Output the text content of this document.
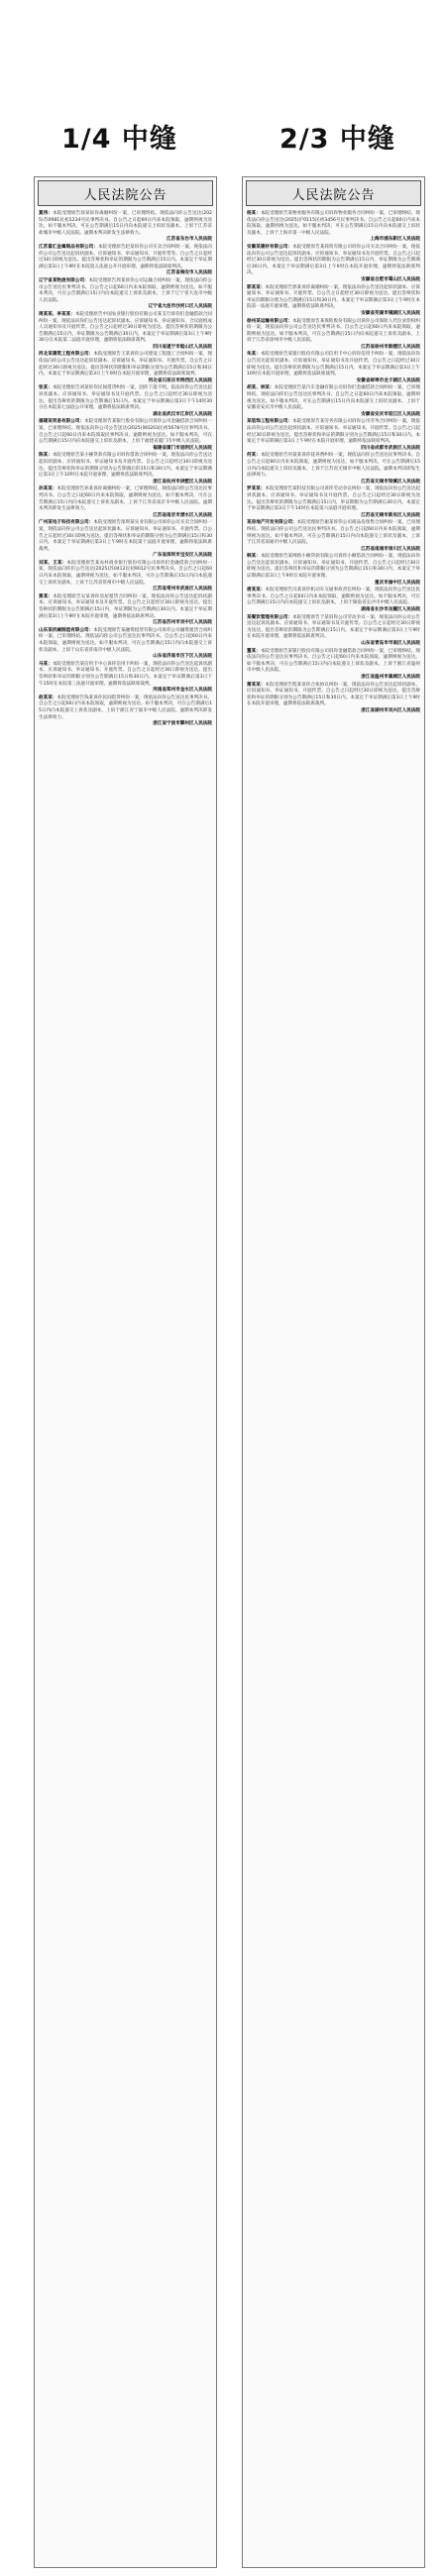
1/4 中缝	2/3 中缝
人民法院公告

夏伟：本院受理原告徐某诉你离婚纠纷一案，已审理终结。现依法向你公告送达(2025)苏0981民初1234号民事判决书。自公告之日起60日内来本院领取，逾期则视为送达。如不服本判决，可在公告期满后15日内向本院递交上诉状及副本，上诉于江苏省盐城市中级人民法院。逾期本判决即发生法律效力。
江苏省东台市人民法院

江苏富汇金属制品有限公司：本院受理原告赵某诉你公司买卖合同纠纷一案，现依法向你公司公告送达起诉状副本、应诉通知书、举证通知书、开庭传票等。自公告之日起经过30日即视为送达。提出答辩状和举证的期限为公告期满后15日内。本案定于举证期满后第3日上午9时在本院第五法庭公开开庭审理，逾期将依法缺席判决。
江苏省海安市人民法院

辽宁省某物流有限公司：本院受理原告周某诉你公司运输合同纠纷一案，现依法向你公司公告送达民事判决书。自公告之日起60日内来本院领取，逾期则视为送达。如不服本判决，可在公告期满后15日内向本院递交上诉状及副本，上诉于辽宁省大连市中级人民法院。
辽宁省大连市沙河口区人民法院

周某某、李某某：本院受理原告中国农业银行股份有限公司某支行诉你们金融借款合同纠纷一案，现依法向你们公告送达起诉状副本、应诉通知书、举证通知书、合议庭组成人员通知书及开庭传票。自公告之日起经过30日即视为送达。提出答辩状的期限为公告期满后15日内，举证期限为公告期满后30日内。本案定于举证期满后第3日上午9时30分在本院第二法庭开庭审理，逾期将依法缺席裁判。
四川省遂宁市船山区人民法院

河北某建筑工程有限公司：本院受理原告王某诉你公司建设工程施工合同纠纷一案，现依法向你公司公告送达起诉状副本、应诉通知书、举证通知书、开庭传票。自公告之日起经过30日即视为送达。提出答辩状的期限和举证期限分别为公告期满后15日和30日内。本案定于举证期满后第3日上午9时在本院开庭审理，逾期将依法缺席裁判。
河北省石家庄市桥西区人民法院

张某：本院受理原告刘某诉你民间借贷纠纷一案，因你下落不明，依法向你公告送达起诉状副本、应诉通知书、举证通知书及开庭传票。自公告之日起经过30日即视为送达。提出答辩状的期限为公告期满后15日内。本案定于举证期满后第3日下午14时30分在本院第七法庭公开审理，逾期将依法缺席判决。
湖北省武汉市江岸区人民法院

福建某贸易有限公司：本院受理原告某银行股份有限公司诉你公司金融借款合同纠纷一案，已审理终结。现依法向你公司公告送达(2025)闽0203民初5678号民事判决书。自公告之日起60日内来本院领取民事判决书，逾期则视为送达。如不服本判决，可在公告期满后15日内向本院递交上诉状及副本，上诉于福建省厦门市中级人民法院。
福建省厦门市思明区人民法院

陈某：本院受理原告某小额贷款有限公司诉你借款合同纠纷一案，现依法向你公告送达起诉状副本、应诉通知书、举证通知书及开庭传票。自公告之日起经过30日即视为送达。提出答辩状和举证的期限分别为公告期满后的15日和30日内。本案定于举证期满后第3日上午10时在本院开庭审理，逾期将依法缺席判决。
浙江省杭州市拱墅区人民法院

孙某某：本院受理原告孙某诉你离婚纠纷一案，已审理终结，现依法向你公告送达民事判决书。自公告之日起60日内来本院领取，逾期则视为送达。如不服本判决，可在公告期满后15日内向本院递交上诉状及副本，上诉于江苏省南京市中级人民法院。逾期本判决即发生法律效力。
江苏省南京市溧水区人民法院

广州某电子科技有限公司：本院受理原告深圳某实业有限公司诉你公司买卖合同纠纷一案，现依法向你公司公告送达起诉状副本、应诉通知书、举证通知书、开庭传票。自公告之日起经过30日即视为送达。提出答辩状和举证的期限分别为公告期满后15日和30日内。本案定于举证期满后第3日上午9时在本院第十法庭开庭审理，逾期将依法缺席裁判。
广东省深圳市宝安区人民法院

刘某、王某：本院受理原告某农村商业银行股份有限公司诉你们金融借款合同纠纷一案，现依法向你们公告送达(2025)苏0412民初9012号民事判决书。自公告之日起60日内来本院领取，逾期则视为送达。如不服本判决，可在公告期满后15日内向本院递交上诉状及副本，上诉于江苏省常州市中级人民法院。
江苏省常州市武进区人民法院

黄某：本院受理原告吴某诉你房屋租赁合同纠纷一案，现依法向你公告送达起诉状副本、应诉通知书、举证通知书及开庭传票。自公告之日起经过30日即视为送达。提出答辩状的期限为公告期满后15日内，举证期限为公告期满后30日内。本案定于举证期满后第3日上午9时在本院开庭审理，逾期将依法缺席判决。
江苏省苏州市吴中区人民法院

山东某机械制造有限公司：本院受理原告某融资租赁有限公司诉你公司融资租赁合同纠纷一案，已审理终结。现依法向你公司公告送达民事判决书。自公告之日起60日内来本院领取，逾期则视为送达。如不服本判决，可在公告期满后15日内向本院递交上诉状及副本，上诉于山东省济南市中级人民法院。
山东省济南市历下区人民法院

马某：本院受理原告某信用卡中心诉你信用卡纠纷一案，现依法向你公告送达起诉状副本、应诉通知书、举证通知书、开庭传票。自公告之日起经过30日即视为送达。提出答辩状和举证的期限分别为公告期满后15日和30日内。本案定于举证期满后第3日下午15时在本院第三法庭开庭审理，逾期将依法缺席裁判。
河南省郑州市金水区人民法院

赵某某：本院受理原告钱某诉你民间借贷纠纷一案，现依法向你公告送达民事判决书。自公告之日起60日内来本院领取，逾期则视为送达。如不服本判决，可在公告期满后15日内向本院递交上诉状及副本，上诉于浙江省宁波市中级人民法院。逾期本判决即发生法律效力。
浙江省宁波市鄞州区人民法院

人民法院公告

杨某：本院受理原告某物业服务有限公司诉你物业服务合同纠纷一案，已审理终结。现依法向你公告送达(2025)沪0115民初3456号民事判决书。自公告之日起60日内来本院领取，逾期则视为送达。如不服本判决，可在公告期满后15日内向本院递交上诉状及副本，上诉于上海市第一中级人民法院。
上海市浦东新区人民法院

安徽某建材有限公司：本院受理原告某商贸有限公司诉你公司买卖合同纠纷一案，现依法向你公司公告送达起诉状副本、应诉通知书、举证通知书及开庭传票。自公告之日起经过30日即视为送达。提出答辩状的期限为公告期满后15日内，举证期限为公告期满后30日内。本案定于举证期满后第3日上午9时在本院开庭审理，逾期将依法缺席判决。
安徽省合肥市蜀山区人民法院

郭某某：本院受理原告郭某诉你离婚纠纷一案，现依法向你公告送达起诉状副本、应诉通知书、举证通知书、开庭传票。自公告之日起经过30日即视为送达。提出答辩状和举证的期限分别为公告期满后15日和30日内。本案定于举证期满后第3日上午9时在本院第一法庭开庭审理，逾期将依法缺席判决。
安徽省芜湖市镜湖区人民法院

徐州某运输有限公司：本院受理原告某保险股份有限公司诉你公司保险人代位求偿权纠纷一案，现依法向你公司公告送达民事判决书。自公告之日起60日内来本院领取，逾期则视为送达。如不服本判决，可在公告期满后15日内向本院递交上诉状及副本，上诉于江苏省徐州市中级人民法院。
江苏省徐州市鼓楼区人民法院

朱某：本院受理原告某银行股份有限公司信用卡中心诉你信用卡纠纷一案，现依法向你公告送达起诉状副本、应诉通知书、举证通知书及开庭传票。自公告之日起经过30日即视为送达。提出答辩状的期限为公告期满后15日内。本案定于举证期满后第3日上午10时在本院开庭审理，逾期将依法缺席裁判。
安徽省蚌埠市龙子湖区人民法院

胡某、林某：本院受理原告某汽车金融有限公司诉你们金融借款合同纠纷一案，已审理终结。现依法向你们公告送达民事判决书。自公告之日起60日内来本院领取，逾期则视为送达。如不服本判决，可在公告期满后15日内向本院递交上诉状及副本，上诉于安徽省安庆市中级人民法院。
安徽省安庆市迎江区人民法院

某装饰工程有限公司：本院受理原告某劳务有限公司诉你公司劳务合同纠纷一案，现依法向你公司公告送达起诉状副本、应诉通知书、举证通知书、开庭传票。自公告之日起经过30日即视为送达。提出答辩状和举证的期限分别为公告期满后15日和30日内。本案定于举证期满后第3日上午9时在本院开庭审理，逾期将依法缺席判决。
四川省成都市武侯区人民法院

何某：本院受理原告何某某诉你抚养费纠纷一案，现依法向你公告送达民事判决书。自公告之日起60日内来本院领取，逾期则视为送达。如不服本判决，可在公告期满后15日内向本院递交上诉状及副本，上诉于江苏省无锡市中级人民法院。逾期本判决即发生法律效力。
江苏省无锡市梁溪区人民法院

罗某某：本院受理原告某科技有限公司诉你劳动争议纠纷一案，现依法向你公告送达起诉状副本、应诉通知书、举证通知书及开庭传票。自公告之日起经过30日即视为送达。提出答辩状的期限为公告期满后15日内，举证期限为公告期满后30日内。本案定于举证期满后第3日下午14时在本院第六法庭开庭审理。
江苏省无锡市新吴区人民法院

某房地产开发有限公司：本院受理原告谢某诉你公司商品房预售合同纠纷一案，已审理终结。现依法向你公司公告送达民事判决书。自公告之日起60日内来本院领取，逾期则视为送达。如不服本判决，可在公告期满后15日内向本院递交上诉状及副本，上诉于江苏省南通市中级人民法院。
江苏省南通市崇川区人民法院

韩某：本院受理原告某网络小额贷款有限公司诉你小额借款合同纠纷一案，现依法向你公告送达起诉状副本、应诉通知书、举证通知书、开庭传票。自公告之日起经过30日即视为送达。提出答辩状和举证的期限分别为公告期满后15日和30日内。本案定于举证期满后第3日上午9时在本院开庭审理。
重庆市渝中区人民法院

唐某某：本院受理原告冯某诉你机动车交通事故责任纠纷一案，现依法向你公告送达民事判决书。自公告之日起60日内来本院领取，逾期则视为送达。如不服本判决，可在公告期满后15日内向本院递交上诉状及副本，上诉于湖南省长沙市中级人民法院。
湖南省长沙市岳麓区人民法院

某餐饮管理有限公司：本院受理原告于某诉你公司劳动争议一案，现依法向你公司公告送达起诉状副本、应诉通知书、举证通知书及开庭传票。自公告之日起经过30日即视为送达。提出答辩状的期限为公告期满后15日内。本案定于举证期满后第3日上午9时在本院开庭审理，逾期将依法缺席判决。
山东省青岛市市南区人民法院

董某：本院受理原告某银行股份有限公司诉你金融借款合同纠纷一案，已审理终结。现依法向你公告送达民事判决书。自公告之日起60日内来本院领取，逾期则视为送达。如不服本判决，可在公告期满后15日内向本院递交上诉状及副本，上诉于浙江省温州市中级人民法院。
浙江省温州市鹿城区人民法院

萧某某：本院受理原告程某诉你合伙协议纠纷一案，现依法向你公告送达起诉状副本、应诉通知书、举证通知书、开庭传票。自公告之日起经过30日即视为送达。提出答辩状和举证的期限分别为公告期满后15日和30日内。本案定于举证期满后第3日上午9时在本院开庭审理，逾期将依法缺席裁判。
浙江省湖州市吴兴区人民法院
